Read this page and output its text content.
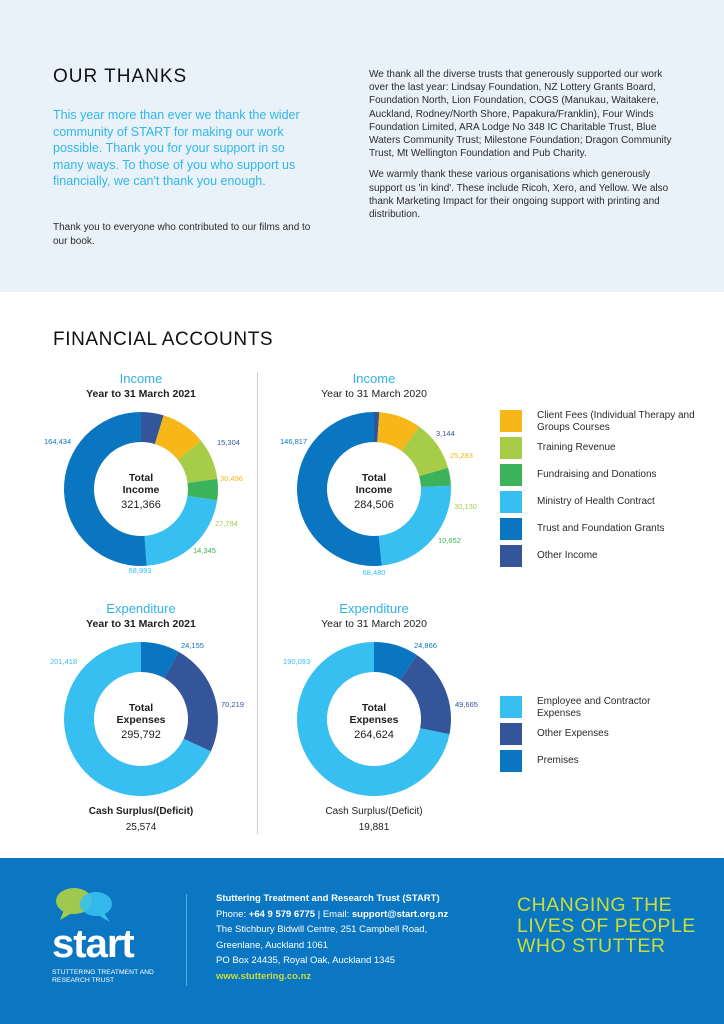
OUR THANKS
This year more than ever we thank the wider community of START for making our work possible. Thank you for your support in so many ways. To those of you who support us financially, we can't thank you enough.
Thank you to everyone who contributed to our films and to our book.

We thank all the diverse trusts that generously supported our work over the last year: Lindsay Foundation, NZ Lottery Grants Board, Foundation North, Lion Foundation, COGS (Manukau, Waitakere, Auckland, Rodney/North Shore, Papakura/Franklin), Four Winds Foundation Limited, ARA Lodge No 348 IC Charitable Trust, Blue Waters Community Trust; Milestone Foundation; Dragon Community Trust, Mt Wellington Foundation and Pub Charity.

We warmly thank these various organisations which generously support us 'in kind'. These include Ricoh, Xero, and Yellow. We also thank Marketing Impact for their ongoing support with printing and distribution.

FINANCIAL ACCOUNTS
Income
Year to 31 March 2021
Income
Year to 31 March 2020
Expenditure
Year to 31 March 2021
Expenditure
Year to 31 March 2020
15,304
30,496
27,794
14,345
68,993
164,434
Total
Income
321,366
3,144
25,283
30,130
10,652
68,480
146,817
Total
Income
284,506
24,155
70,219
201,418
Total
Expenses
295,792
24,866
49,665
190,093
Total
Expenses
264,624
Cash Surplus/(Deficit)
25,574
Cash Surplus/(Deficit)
19,881
Client Fees (Individual Therapy and Groups Courses
Training Revenue
Fundraising and Donations
Ministry of Health Contract
Trust and Foundation Grants
Other Income
Employee and Contractor Expenses
Other Expenses
Premises
start
STUTTERING TREATMENT AND RESEARCH TRUST
Stuttering Treatment and Research Trust (START)
Phone: +64 9 579 6775 | Email: support@start.org.nz
The Stichbury Bidwill Centre, 251 Campbell Road,
Greenlane, Auckland 1061
PO Box 24435, Royal Oak, Auckland 1345
www.stuttering.co.nz
CHANGING THE LIVES OF PEOPLE WHO STUTTER
